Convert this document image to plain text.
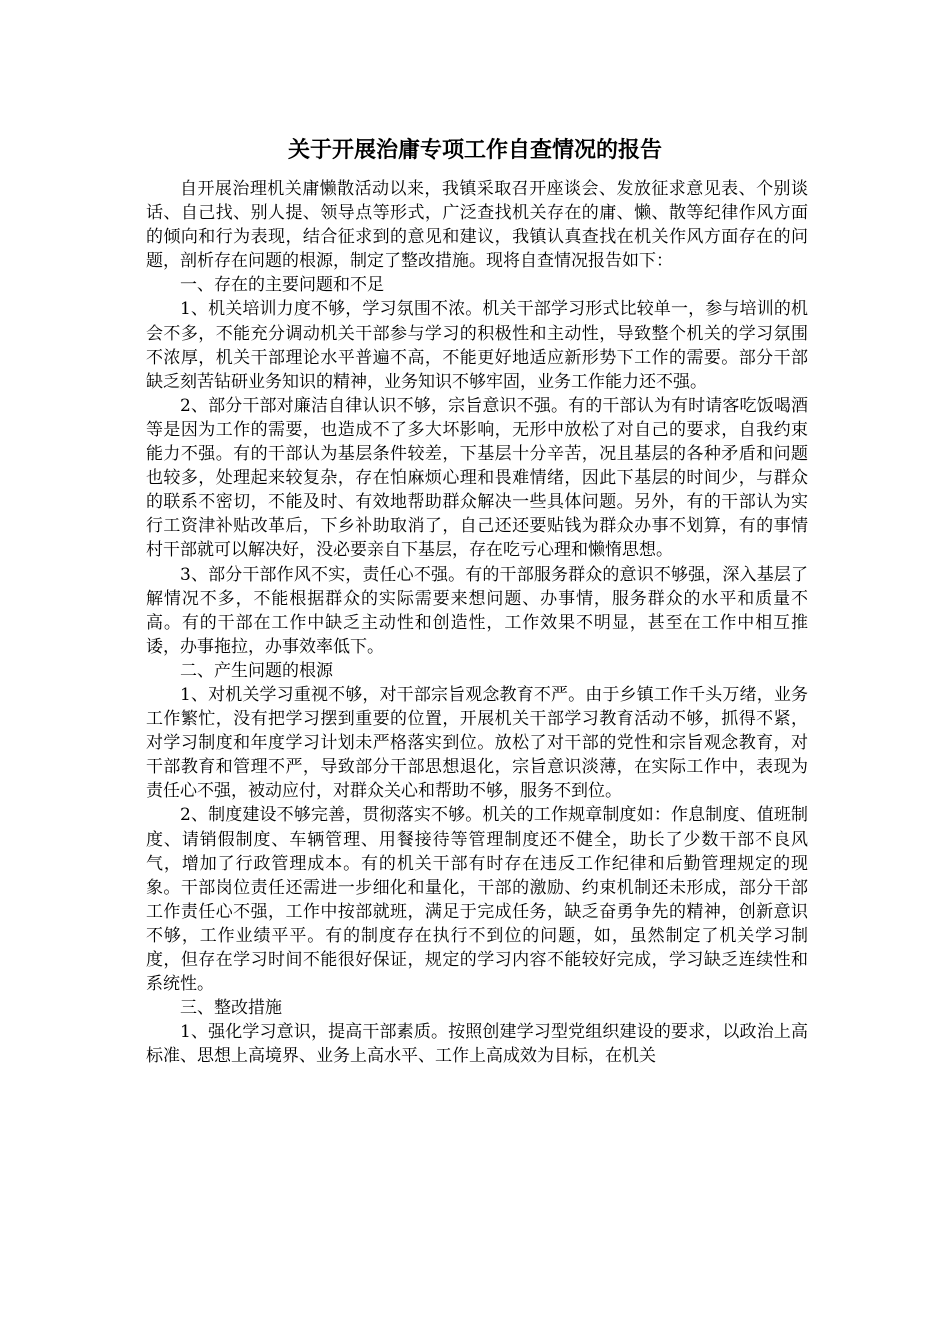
关于开展治庸专项工作自查情况的报告

自开展治理机关庸懒散活动以来，我镇采取召开座谈会、发放征求意见表、个别谈话、自己找、别人提、领导点等形式，广泛查找机关存在的庸、懒、散等纪律作风方面的倾向和行为表现，结合征求到的意见和建议，我镇认真查找在机关作风方面存在的问题，剖析存在问题的根源，制定了整改措施。现将自查情况报告如下：

一、存在的主要问题和不足

1、机关培训力度不够，学习氛围不浓。机关干部学习形式比较单一，参与培训的机会不多，不能充分调动机关干部参与学习的积极性和主动性，导致整个机关的学习氛围不浓厚，机关干部理论水平普遍不高，不能更好地适应新形势下工作的需要。部分干部缺乏刻苦钻研业务知识的精神，业务知识不够牢固，业务工作能力还不强。

2、部分干部对廉洁自律认识不够，宗旨意识不强。有的干部认为有时请客吃饭喝酒等是因为工作的需要，也造成不了多大坏影响，无形中放松了对自己的要求，自我约束能力不强。有的干部认为基层条件较差，下基层十分辛苦，况且基层的各种矛盾和问题也较多，处理起来较复杂，存在怕麻烦心理和畏难情绪，因此下基层的时间少，与群众的联系不密切，不能及时、有效地帮助群众解决一些具体问题。另外，有的干部认为实行工资津补贴改革后，下乡补助取消了，自己还还要贴钱为群众办事不划算，有的事情村干部就可以解决好，没必要亲自下基层，存在吃亏心理和懒惰思想。

3、部分干部作风不实，责任心不强。有的干部服务群众的意识不够强，深入基层了解情况不多，不能根据群众的实际需要来想问题、办事情，服务群众的水平和质量不高。有的干部在工作中缺乏主动性和创造性，工作效果不明显，甚至在工作中相互推诿，办事拖拉，办事效率低下。

二、产生问题的根源

1、对机关学习重视不够，对干部宗旨观念教育不严。由于乡镇工作千头万绪，业务工作繁忙，没有把学习摆到重要的位置，开展机关干部学习教育活动不够，抓得不紧，对学习制度和年度学习计划未严格落实到位。放松了对干部的党性和宗旨观念教育，对干部教育和管理不严，导致部分干部思想退化，宗旨意识淡薄，在实际工作中，表现为责任心不强，被动应付，对群众关心和帮助不够，服务不到位。

2、制度建设不够完善，贯彻落实不够。机关的工作规章制度如：作息制度、值班制度、请销假制度、车辆管理、用餐接待等管理制度还不健全，助长了少数干部不良风气，增加了行政管理成本。有的机关干部有时存在违反工作纪律和后勤管理规定的现象。干部岗位责任还需进一步细化和量化，干部的激励、约束机制还未形成，部分干部工作责任心不强，工作中按部就班，满足于完成任务，缺乏奋勇争先的精神，创新意识不够，工作业绩平平。有的制度存在执行不到位的问题，如，虽然制定了机关学习制度，但存在学习时间不能很好保证，规定的学习内容不能较好完成，学习缺乏连续性和系统性。

三、整改措施

1、强化学习意识，提高干部素质。按照创建学习型党组织建设的要求，以政治上高标准、思想上高境界、业务上高水平、工作上高成效为目标，在机关
